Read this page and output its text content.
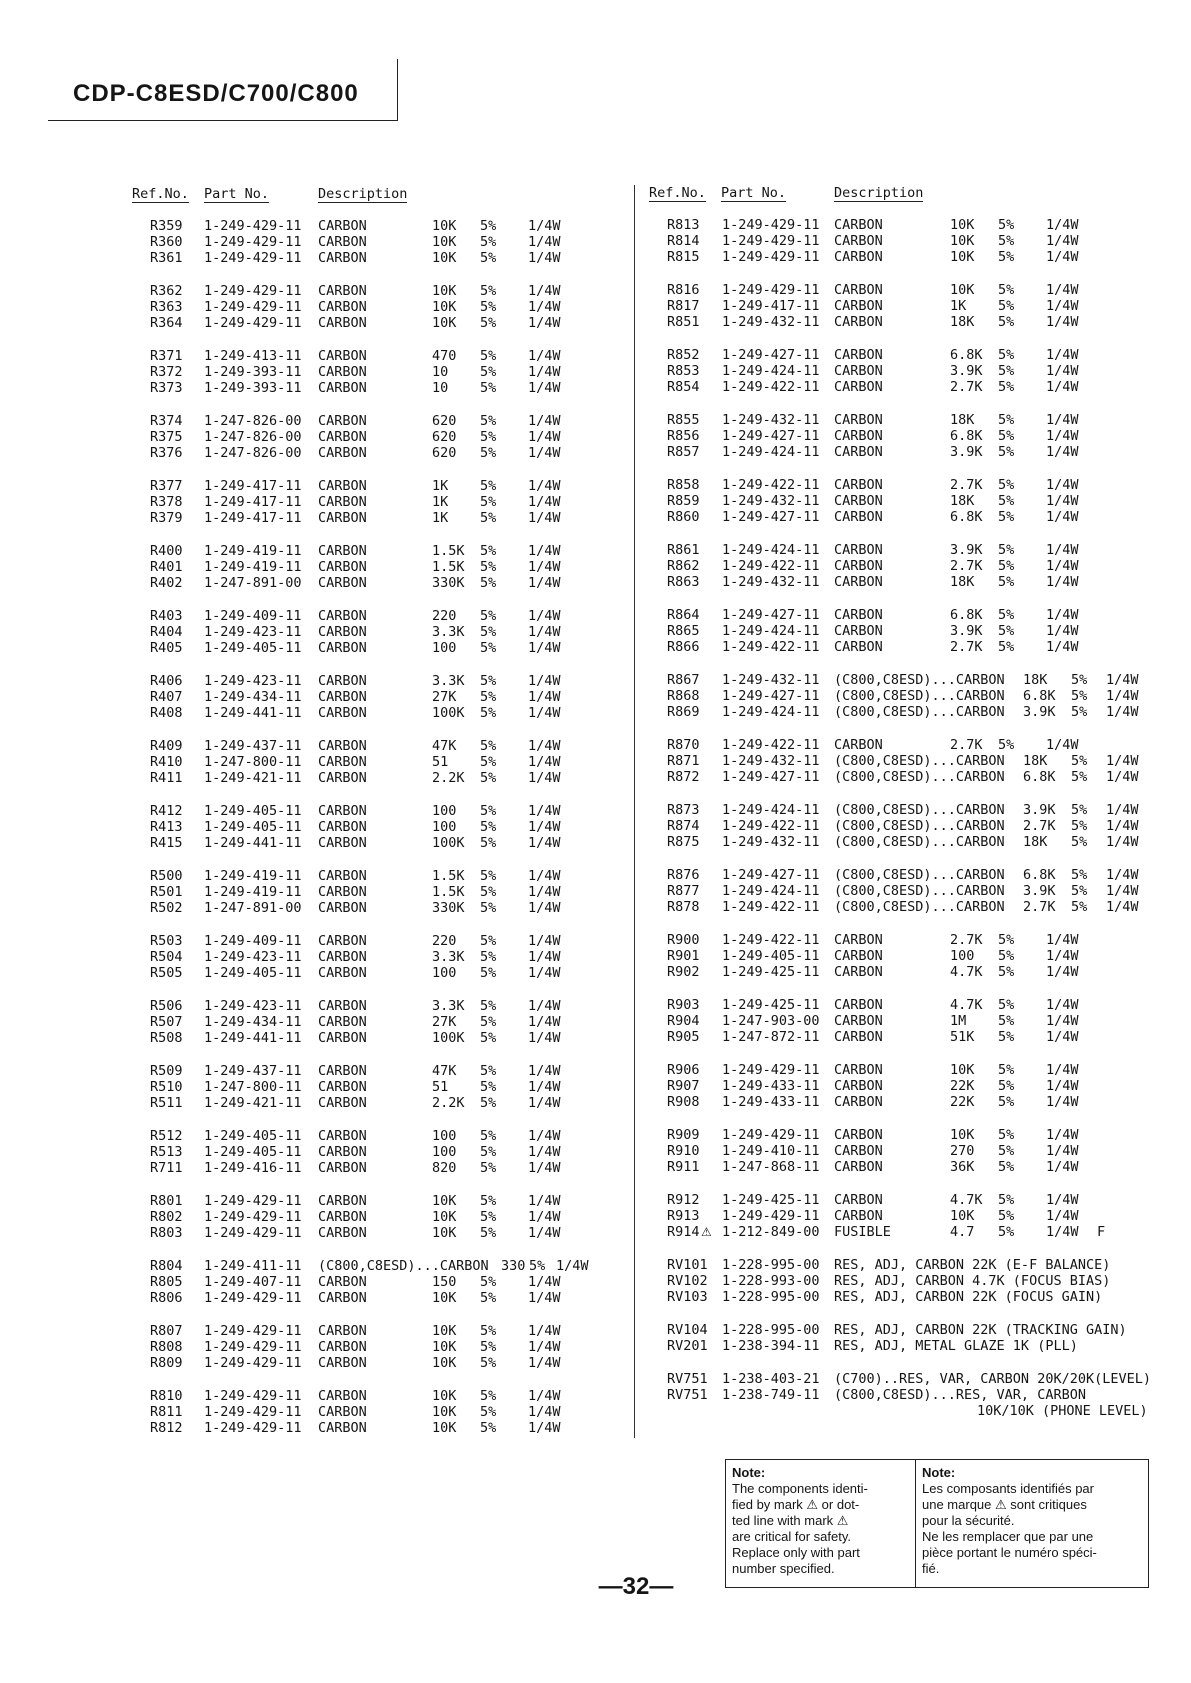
CDP-C8ESD/C700/C800
Ref.No. Part No.	Description	Ref.No. Part No.	Description
R359 1-249-429-11 CARBON	10K 5% 1/4W
R360 1-249-429-11 CARBON	10K 5% 1/4W
R361 1-249-429-11 CARBON	10K 5% 1/4W
R362 1-249-429-11 CARBON	10K 5% 1/4W
R363 1-249-429-11 CARBON	10K 5% 1/4W
R364 1-249-429-11 CARBON	10K 5% 1/4W
R371 1-249-413-11 CARBON	470 5% 1/4W
R372 1-249-393-11 CARBON	10 5% 1/4W
R373 1-249-393-11 CARBON	10 5% 1/4W
R374 1-247-826-00 CARBON	620 5% 1/4W
R375 1-247-826-00 CARBON	620 5% 1/4W
R376 1-247-826-00 CARBON	620 5% 1/4W
R377 1-249-417-11 CARBON	1K 5% 1/4W
R378 1-249-417-11 CARBON	1K 5% 1/4W
R379 1-249-417-11 CARBON	1K 5% 1/4W
R400 1-249-419-11 CARBON	1.5K 5% 1/4W
R401 1-249-419-11 CARBON	1.5K 5% 1/4W
R402 1-247-891-00 CARBON	330K 5% 1/4W
R403 1-249-409-11 CARBON	220 5% 1/4W
R404 1-249-423-11 CARBON	3.3K 5% 1/4W
R405 1-249-405-11 CARBON	100 5% 1/4W
R406 1-249-423-11 CARBON	3.3K 5% 1/4W
R407 1-249-434-11 CARBON	27K 5% 1/4W
R408 1-249-441-11 CARBON	100K 5% 1/4W
R409 1-249-437-11 CARBON	47K 5% 1/4W
R410 1-247-800-11 CARBON	51 5% 1/4W
R411 1-249-421-11 CARBON	2.2K 5% 1/4W
R412 1-249-405-11 CARBON	100 5% 1/4W
R413 1-249-405-11 CARBON	100 5% 1/4W
R415 1-249-441-11 CARBON	100K 5% 1/4W
R500 1-249-419-11 CARBON	1.5K 5% 1/4W
R501 1-249-419-11 CARBON	1.5K 5% 1/4W
R502 1-247-891-00 CARBON	330K 5% 1/4W
R503 1-249-409-11 CARBON	220 5% 1/4W
R504 1-249-423-11 CARBON	3.3K 5% 1/4W
R505 1-249-405-11 CARBON	100 5% 1/4W
R506 1-249-423-11 CARBON	3.3K 5% 1/4W
R507 1-249-434-11 CARBON	27K 5% 1/4W
R508 1-249-441-11 CARBON	100K 5% 1/4W
R509 1-249-437-11 CARBON	47K 5% 1/4W
R510 1-247-800-11 CARBON	51 5% 1/4W
R511 1-249-421-11 CARBON	2.2K 5% 1/4W
R512 1-249-405-11 CARBON	100 5% 1/4W
R513 1-249-405-11 CARBON	100 5% 1/4W
R711 1-249-416-11 CARBON	820 5% 1/4W
R801 1-249-429-11 CARBON	10K 5% 1/4W
R802 1-249-429-11 CARBON	10K 5% 1/4W
R803 1-249-429-11 CARBON	10K 5% 1/4W
R804 1-249-411-11 (C800,C8ESD)...CARBON 330 5% 1/4W
R805 1-249-407-11 CARBON	150 5% 1/4W
R806 1-249-429-11 CARBON	10K 5% 1/4W
R807 1-249-429-11 CARBON	10K 5% 1/4W
R808 1-249-429-11 CARBON	10K 5% 1/4W
R809 1-249-429-11 CARBON	10K 5% 1/4W
R810 1-249-429-11 CARBON	10K 5% 1/4W
R811 1-249-429-11 CARBON	10K 5% 1/4W
R812 1-249-429-11 CARBON	10K 5% 1/4W
R813 1-249-429-11 CARBON	10K 5% 1/4W
R814 1-249-429-11 CARBON	10K 5% 1/4W
R815 1-249-429-11 CARBON	10K 5% 1/4W
R816 1-249-429-11 CARBON	10K 5% 1/4W
R817 1-249-417-11 CARBON	1K 5% 1/4W
R851 1-249-432-11 CARBON	18K 5% 1/4W
R852 1-249-427-11 CARBON	6.8K 5% 1/4W
R853 1-249-424-11 CARBON	3.9K 5% 1/4W
R854 1-249-422-11 CARBON	2.7K 5% 1/4W
R855 1-249-432-11 CARBON	18K 5% 1/4W
R856 1-249-427-11 CARBON	6.8K 5% 1/4W
R857 1-249-424-11 CARBON	3.9K 5% 1/4W
R858 1-249-422-11 CARBON	2.7K 5% 1/4W
R859 1-249-432-11 CARBON	18K 5% 1/4W
R860 1-249-427-11 CARBON	6.8K 5% 1/4W
R861 1-249-424-11 CARBON	3.9K 5% 1/4W
R862 1-249-422-11 CARBON	2.7K 5% 1/4W
R863 1-249-432-11 CARBON	18K 5% 1/4W
R864 1-249-427-11 CARBON	6.8K 5% 1/4W
R865 1-249-424-11 CARBON	3.9K 5% 1/4W
R866 1-249-422-11 CARBON	2.7K 5% 1/4W
R867 1-249-432-11 (C800,C8ESD)...CARBON 18K 5% 1/4W
R868 1-249-427-11 (C800,C8ESD)...CARBON 6.8K 5% 1/4W
R869 1-249-424-11 (C800,C8ESD)...CARBON 3.9K 5% 1/4W
R870 1-249-422-11 CARBON	2.7K 5% 1/4W
R871 1-249-432-11 (C800,C8ESD)...CARBON 18K 5% 1/4W
R872 1-249-427-11 (C800,C8ESD)...CARBON 6.8K 5% 1/4W
R873 1-249-424-11 (C800,C8ESD)...CARBON 3.9K 5% 1/4W
R874 1-249-422-11 (C800,C8ESD)...CARBON 2.7K 5% 1/4W
R875 1-249-432-11 (C800,C8ESD)...CARBON 18K 5% 1/4W
R876 1-249-427-11 (C800,C8ESD)...CARBON 6.8K 5% 1/4W
R877 1-249-424-11 (C800,C8ESD)...CARBON 3.9K 5% 1/4W
R878 1-249-422-11 (C800,C8ESD)...CARBON 2.7K 5% 1/4W
R900 1-249-422-11 CARBON	2.7K 5% 1/4W
R901 1-249-405-11 CARBON	100 5% 1/4W
R902 1-249-425-11 CARBON	4.7K 5% 1/4W
R903 1-249-425-11 CARBON	4.7K 5% 1/4W
R904 1-247-903-00 CARBON	1M 5% 1/4W
R905 1-247-872-11 CARBON	51K 5% 1/4W
R906 1-249-429-11 CARBON	10K 5% 1/4W
R907 1-249-433-11 CARBON	22K 5% 1/4W
R908 1-249-433-11 CARBON	22K 5% 1/4W
R909 1-249-429-11 CARBON	10K 5% 1/4W
R910 1-249-410-11 CARBON	270 5% 1/4W
R911 1-247-868-11 CARBON	36K 5% 1/4W
R912 1-249-425-11 CARBON	4.7K 5% 1/4W
R913 1-249-429-11 CARBON	10K 5% 1/4W
R914 ⚠ 1-212-849-00 FUSIBLE	4.7 5% 1/4W F
RV101 1-228-995-00 RES, ADJ, CARBON 22K (E-F BALANCE)
RV102 1-228-993-00 RES, ADJ, CARBON 4.7K (FOCUS BIAS)
RV103 1-228-995-00 RES, ADJ, CARBON 22K (FOCUS GAIN)
RV104 1-228-995-00 RES, ADJ, CARBON 22K (TRACKING GAIN)
RV201 1-238-394-11 RES, ADJ, METAL GLAZE 1K (PLL)
RV751 1-238-403-21 (C700)..RES, VAR, CARBON 20K/20K(LEVEL)
RV751 1-238-749-11 (C800,C8ESD)...RES, VAR, CARBON
10K/10K (PHONE LEVEL)
Note:
The components identi-
fied by mark ⚠ or dot-
ted line with mark ⚠
are critical for safety.
Replace only with part
number specified.
Note:
Les composants identifiés par
une marque ⚠ sont critiques
pour la sécurité.
Ne les remplacer que par une
pièce portant le numéro spéci-
fié.
—32—
